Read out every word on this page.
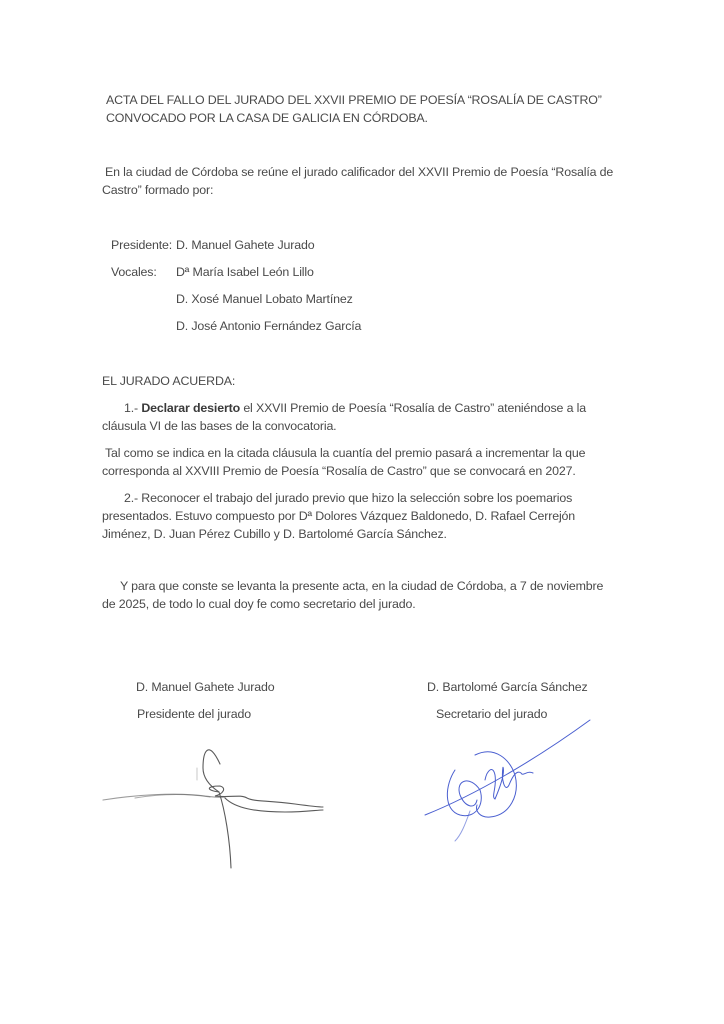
ACTA DEL FALLO DEL JURADO DEL XXVII PREMIO DE POESÍA “ROSALÍA DE CASTRO”
CONVOCADO POR LA CASA DE GALICIA EN CÓRDOBA.
En la ciudad de Córdoba se reúne el jurado calificador del XXVII Premio de Poesía “Rosalía de
Castro” formado por:
Presidente: D. Manuel Gahete Jurado
Vocales: Dª María Isabel León Lillo
D. Xosé Manuel Lobato Martínez
D. José Antonio Fernández García
EL JURADO ACUERDA:
1.- Declarar desierto el XXVII Premio de Poesía “Rosalía de Castro” ateniéndose a la
cláusula VI de las bases de la convocatoria.
Tal como se indica en la citada cláusula la cuantía del premio pasará a incrementar la que
corresponda al XXVIII Premio de Poesía “Rosalía de Castro” que se convocará en 2027.
2.- Reconocer el trabajo del jurado previo que hizo la selección sobre los poemarios
presentados. Estuvo compuesto por Dª Dolores Vázquez Baldonedo, D. Rafael Cerrejón
Jiménez, D. Juan Pérez Cubillo y D. Bartolomé García Sánchez.
Y para que conste se levanta la presente acta, en la ciudad de Córdoba, a 7 de noviembre
de 2025, de todo lo cual doy fe como secretario del jurado.
D. Manuel Gahete Jurado
Presidente del jurado
D. Bartolomé García Sánchez
Secretario del jurado
